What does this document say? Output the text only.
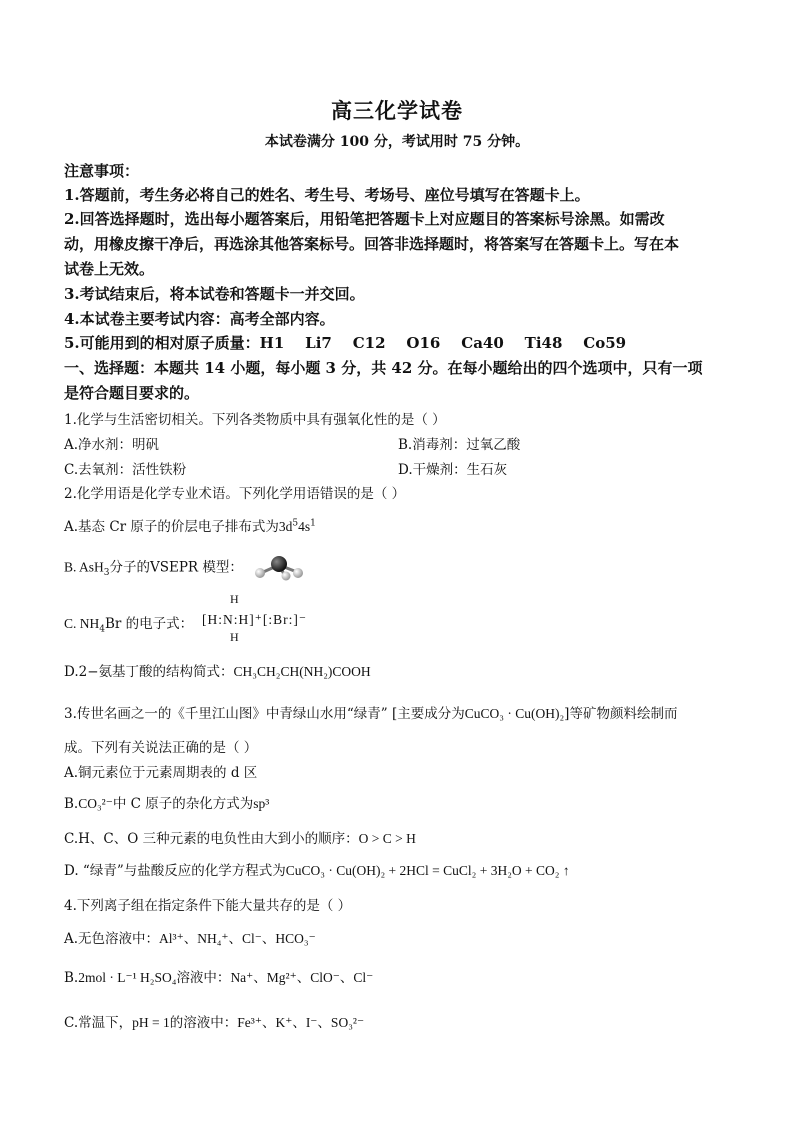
高三化学试卷
本试卷满分 100 分，考试用时 75 分钟。
注意事项：
1.答题前，考生务必将自己的姓名、考生号、考场号、座位号填写在答题卡上。
2.回答选择题时，选出每小题答案后，用铅笔把答题卡上对应题目的答案标号涂黑。如需改
动，用橡皮擦干净后，再选涂其他答案标号。回答非选择题时，将答案写在答题卡上。写在本
试卷上无效。
3.考试结束后，将本试卷和答题卡一并交回。
4.本试卷主要考试内容：高考全部内容。
5.可能用到的相对原子质量：H1    Li7    C12    O16    Ca40    Ti48    Co59
一、选择题：本题共 14 小题，每小题 3 分，共 42 分。在每小题给出的四个选项中，只有一项
是符合题目要求的。
1.化学与生活密切相关。下列各类物质中具有强氧化性的是（ ）
A.净水剂：明矾	B.消毒剂：过氧乙酸
C.去氧剂：活性铁粉	D.干燥剂：生石灰
2.化学用语是化学专业术语。下列化学用语错误的是（ ）
A.基态 Cr 原子的价层电子排布式为$3d^54s^1$
B. AsH$_3$分子的VSEPR 模型：
C. $NH_4Br$ 的电子式： [H:N:H]⁺[:Br:]⁻
H
H
D.2−氨基丁酸的结构简式：CH₃CH₂CH(NH₂)COOH
3.传世名画之一的《千里江山图》中青绿山水用“绿青” [主要成分为CuCO₃ · Cu(OH)₂]等矿物颜料绘制而
成。下列有关说法正确的是（ ）
A.铜元素位于元素周期表的 d 区
B.CO₃²⁻中 C 原子的杂化方式为sp³
C.H、C、O 三种元素的电负性由大到小的顺序：O > C > H
D. “绿青”与盐酸反应的化学方程式为CuCO₃ · Cu(OH)₂ + 2HCl = CuCl₂ + 3H₂O + CO₂ ↑
4.下列离子组在指定条件下能大量共存的是（ ）
A.无色溶液中：Al³⁺、NH₄⁺、Cl⁻、HCO₃⁻
B.2mol · L⁻¹ H₂SO₄溶液中：Na⁺、Mg²⁺、ClO⁻、Cl⁻
C.常温下，pH = 1的溶液中：Fe³⁺、K⁺、I⁻、SO₃²⁻
